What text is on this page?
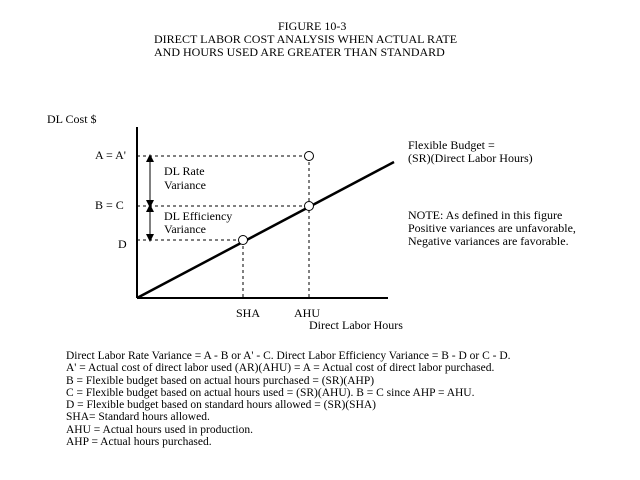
FIGURE 10-3
DIRECT LABOR COST ANALYSIS WHEN ACTUAL RATE
AND HOURS USED ARE GREATER THAN STANDARD
DL Cost $
A = A'
B = C
D
SHA	AHU
Direct Labor Hours
DL Rate
Variance
DL Efficiency
Variance
Flexible Budget =
(SR)(Direct Labor Hours)
NOTE: As defined in this figure
Positive variances are unfavorable,
Negative variances are favorable.
Direct Labor Rate Variance = A - B or A' - C. Direct Labor Efficiency Variance = B - D or C - D.
A' = Actual cost of direct labor used (AR)(AHU) = A = Actual cost of direct labor purchased.
B = Flexible budget based on actual hours purchased = (SR)(AHP)
C = Flexible budget based on actual hours used = (SR)(AHU). B = C since AHP = AHU.
D = Flexible budget based on standard hours allowed = (SR)(SHA)
SHA= Standard hours allowed.
AHU = Actual hours used in production.
AHP = Actual hours purchased.
